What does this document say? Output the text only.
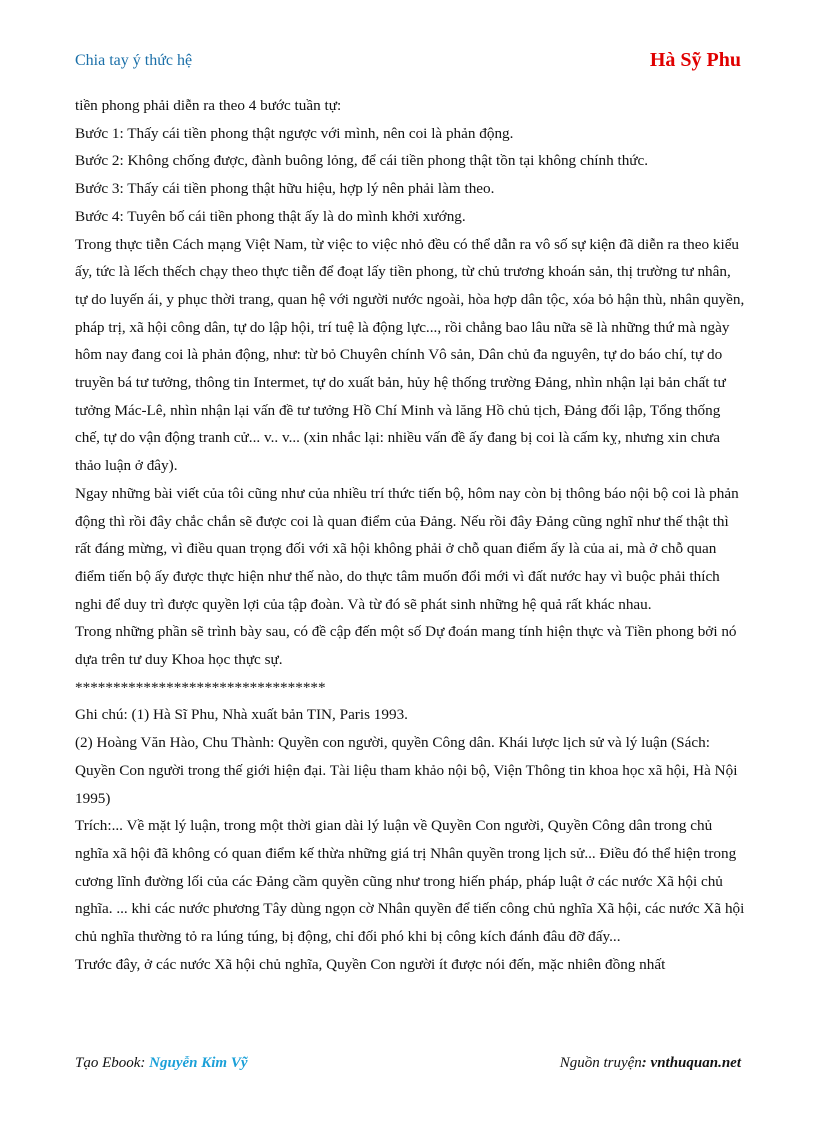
Chia tay ý thức hệ	Hà Sỹ Phu

tiền phong phải diễn ra theo 4 bước tuần tự:

Bước 1: Thấy cái tiền phong thật ngược với mình, nên coi là phản động.

Bước 2: Không chống được, đành buông lỏng, để cái tiền phong thật tồn tại không chính thức.

Bước 3: Thấy cái tiền phong thật hữu hiệu, hợp lý nên phải làm theo.

Bước 4: Tuyên bố cái tiền phong thật ấy là do mình khởi xướng.

Trong thực tiễn Cách mạng Việt Nam, từ việc to việc nhỏ đều có thể dẫn ra vô số sự kiện đã diễn ra theo kiểu ấy, tức là lếch thếch chạy theo thực tiễn để đoạt lấy tiền phong, từ chủ trương khoán sản, thị trường tư nhân, tự do luyến ái, y phục thời trang, quan hệ với người nước ngoài, hòa hợp dân tộc, xóa bỏ hận thù, nhân quyền, pháp trị, xã hội công dân, tự do lập hội, trí tuệ là động lực..., rồi chẳng bao lâu nữa sẽ là những thứ mà ngày hôm nay đang coi là phản động, như: từ bỏ Chuyên chính Vô sản, Dân chủ đa nguyên, tự do báo chí, tự do truyền bá tư tưởng, thông tin Intermet, tự do xuất bản, hủy hệ thống trường Đảng, nhìn nhận lại bản chất tư tưởng Mác-Lê, nhìn nhận lại vấn đề tư tưởng Hồ Chí Minh và lăng Hồ chủ tịch, Đảng đối lập, Tổng thống chế, tự do vận động tranh cử... v.. v... (xin nhắc lại: nhiều vấn đề ấy đang bị coi là cấm kỵ, nhưng xin chưa thảo luận ở đây).

Ngay những bài viết của tôi cũng như của nhiều trí thức tiến bộ, hôm nay còn bị thông báo nội bộ coi là phản động thì rồi đây chắc chắn sẽ được coi là quan điểm của Đảng. Nếu rồi đây Đảng cũng nghĩ như thế thật thì rất đáng mừng, vì điều quan trọng đối với xã hội không phải ở chỗ quan điểm ấy là của ai, mà ở chỗ quan điểm tiến bộ ấy được thực hiện như thế nào, do thực tâm muốn đổi mới vì đất nước hay vì buộc phải thích nghi để duy trì được quyền lợi của tập đoàn. Và từ đó sẽ phát sinh những hệ quả rất khác nhau.

Trong những phần sẽ trình bày sau, có đề cập đến một số Dự đoán mang tính hiện thực và Tiền phong bởi nó dựa trên tư duy Khoa học thực sự.

*********************************

Ghi chú: (1) Hà Sĩ Phu, Nhà xuất bản TIN, Paris 1993.

(2) Hoàng Văn Hào, Chu Thành: Quyền con người, quyền Công dân. Khái lược lịch sử và lý luận (Sách: Quyền Con người trong thế giới hiện đại. Tài liệu tham khảo nội bộ, Viện Thông tin khoa học xã hội, Hà Nội 1995)

Trích:... Về mặt lý luận, trong một thời gian dài lý luận về Quyền Con người, Quyền Công dân trong chủ nghĩa xã hội đã không có quan điểm kế thừa những giá trị Nhân quyền trong lịch sử... Điều đó thể hiện trong cương lĩnh đường lối của các Đảng cầm quyền cũng như trong hiến pháp, pháp luật ở các nước Xã hội chủ nghĩa. ... khi các nước phương Tây dùng ngọn cờ Nhân quyền để tiến công chủ nghĩa Xã hội, các nước Xã hội chủ nghĩa thường tỏ ra lúng túng, bị động, chỉ đối phó khi bị công kích đánh đâu đỡ đấy...

Trước đây, ở các nước Xã hội chủ nghĩa, Quyền Con người ít được nói đến, mặc nhiên đồng nhất

Tạo Ebook: Nguyễn Kim Vỹ	Nguồn truyện: vnthuquan.net
